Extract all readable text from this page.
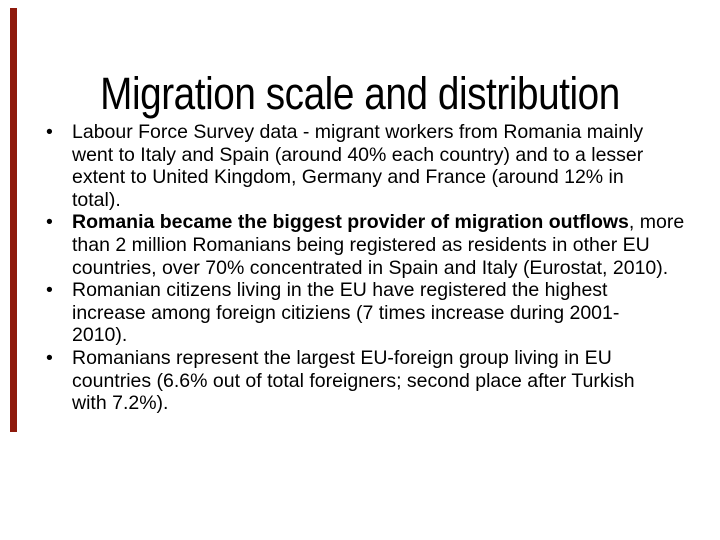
Migration scale and distribution
• Labour Force Survey data - migrant workers from Romania mainly
went to Italy and Spain (around 40% each country) and to a lesser
extent to United Kingdom, Germany and France (around 12% in
total).
• Romania became the biggest provider of migration outflows, more
than 2 million Romanians being registered as residents in other EU
countries, over 70% concentrated in Spain and Italy (Eurostat, 2010).
• Romanian citizens living in the EU have registered the highest
increase among foreign citiziens (7 times increase during 2001-
2010).
• Romanians represent the largest EU-foreign group living in EU
countries (6.6% out of total foreigners; second place after Turkish
with 7.2%).
